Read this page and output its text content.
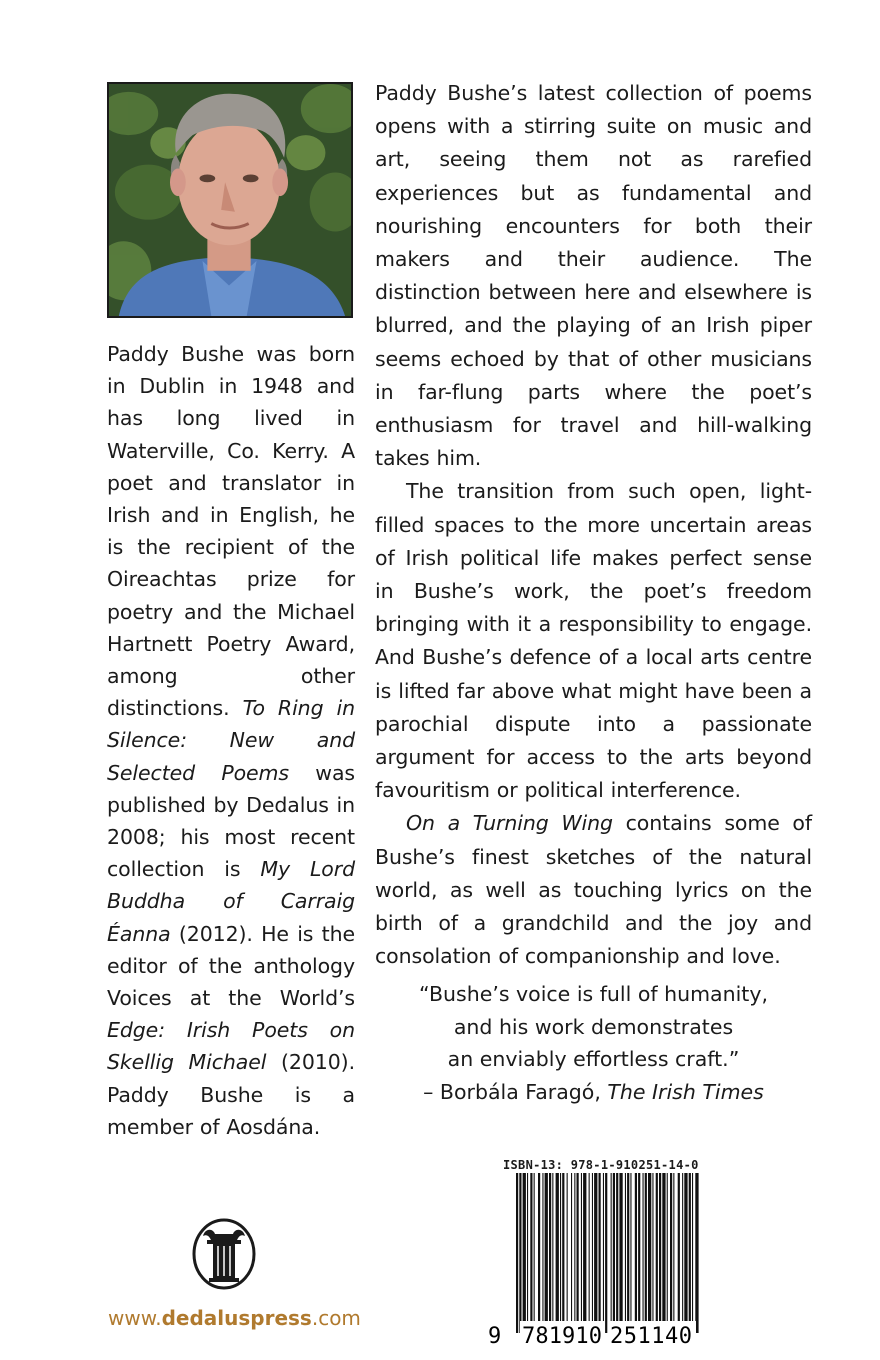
Paddy Bushe was born in Dublin in 1948 and has long lived in Waterville, Co. Kerry. A poet and translator in Irish and in English, he is the recipient of the Oireachtas prize for poetry and the Michael Hartnett Poetry Award, among other distinctions. To Ring in Silence: New and Selected Poems was published by Dedalus in 2008; his most recent collection is My Lord Buddha of Carraig Éanna (2012). He is the editor of the anthology Voices at the World’s Edge: Irish Poets on Skellig Michael (2010). Paddy Bushe is a member of Aosdána.

Paddy Bushe’s latest collection of poems opens with a stirring suite on music and art, seeing them not as rarefied experiences but as fundamental and nourishing encounters for both their makers and their audience. The distinction between here and elsewhere is blurred, and the playing of an Irish piper seems echoed by that of other musicians in far-flung parts where the poet’s enthusiasm for travel and hill-walking takes him.

The transition from such open, light-filled spaces to the more uncertain areas of Irish political life makes perfect sense in Bushe’s work, the poet’s freedom bringing with it a responsibility to engage. And Bushe’s defence of a local arts centre is lifted far above what might have been a parochial dispute into a passionate argument for access to the arts beyond favouritism or political interference.

On a Turning Wing contains some of Bushe’s finest sketches of the natural world, as well as touching lyrics on the birth of a grandchild and the joy and consolation of companionship and love.

“Bushe’s voice is full of humanity,
and his work demonstrates
an enviably effortless craft.”
– Borbála Faragó, The Irish Times
www.dedaluspress.com
ISBN-13: 978-1-910251-14-0
9 781910 251140
